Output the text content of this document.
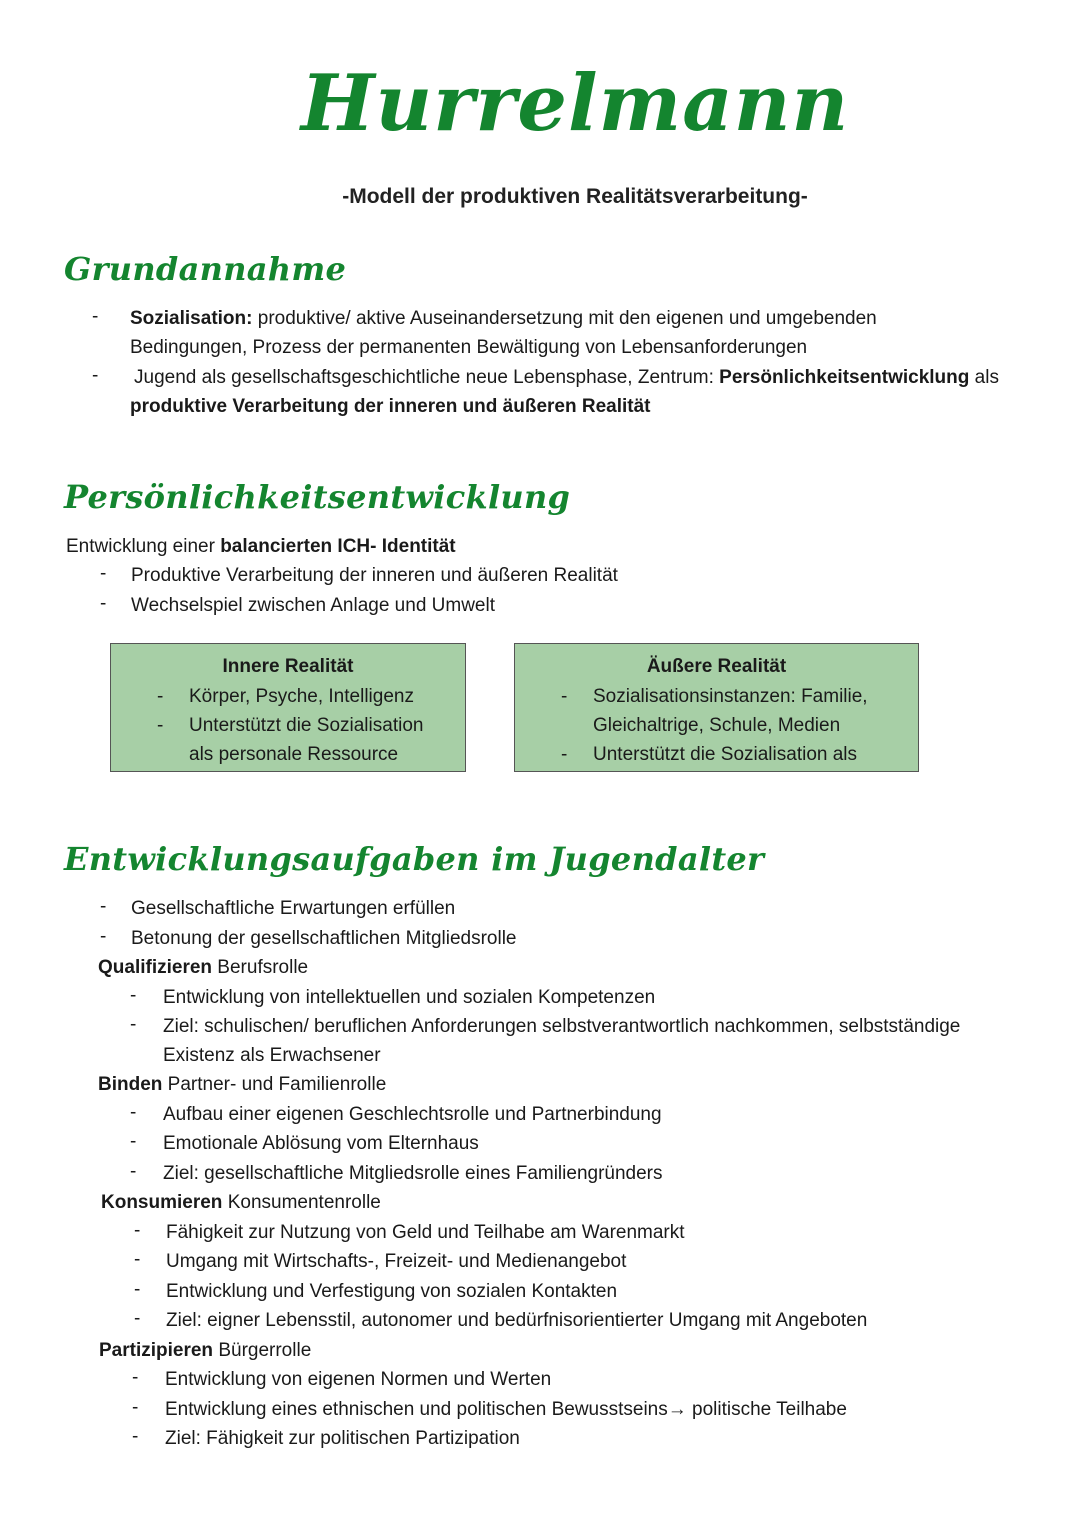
Hurrelmann
-Modell der produktiven Realitätsverarbeitung-
Grundannahme
- Sozialisation: produktive/ aktive Auseinandersetzung mit den eigenen und umgebenden
Bedingungen, Prozess der permanenten Bewältigung von Lebensanforderungen
- Jugend als gesellschaftsgeschichtliche neue Lebensphase, Zentrum: Persönlichkeitsentwicklung als
produktive Verarbeitung der inneren und äußeren Realität
Persönlichkeitsentwicklung
Entwicklung einer balancierten ICH- Identität
- Produktive Verarbeitung der inneren und äußeren Realität
- Wechselspiel zwischen Anlage und Umwelt
Innere Realität
- Körper, Psyche, Intelligenz
- Unterstützt die Sozialisation
als personale Ressource
Äußere Realität
- Sozialisationsinstanzen: Familie,
Gleichaltrige, Schule, Medien
- Unterstützt die Sozialisation als
Entwicklungsaufgaben im Jugendalter
- Gesellschaftliche Erwartungen erfüllen
- Betonung der gesellschaftlichen Mitgliedsrolle
Qualifizieren Berufsrolle
- Entwicklung von intellektuellen und sozialen Kompetenzen
- Ziel: schulischen/ beruflichen Anforderungen selbstverantwortlich nachkommen, selbstständige
Existenz als Erwachsener
Binden Partner- und Familienrolle
- Aufbau einer eigenen Geschlechtsrolle und Partnerbindung
- Emotionale Ablösung vom Elternhaus
- Ziel: gesellschaftliche Mitgliedsrolle eines Familiengründers
Konsumieren Konsumentenrolle
- Fähigkeit zur Nutzung von Geld und Teilhabe am Warenmarkt
- Umgang mit Wirtschafts-, Freizeit- und Medienangebot
- Entwicklung und Verfestigung von sozialen Kontakten
- Ziel: eigner Lebensstil, autonomer und bedürfnisorientierter Umgang mit Angeboten
Partizipieren Bürgerrolle
- Entwicklung von eigenen Normen und Werten
- Entwicklung eines ethnischen und politischen Bewusstseins→ politische Teilhabe
- Ziel: Fähigkeit zur politischen Partizipation
